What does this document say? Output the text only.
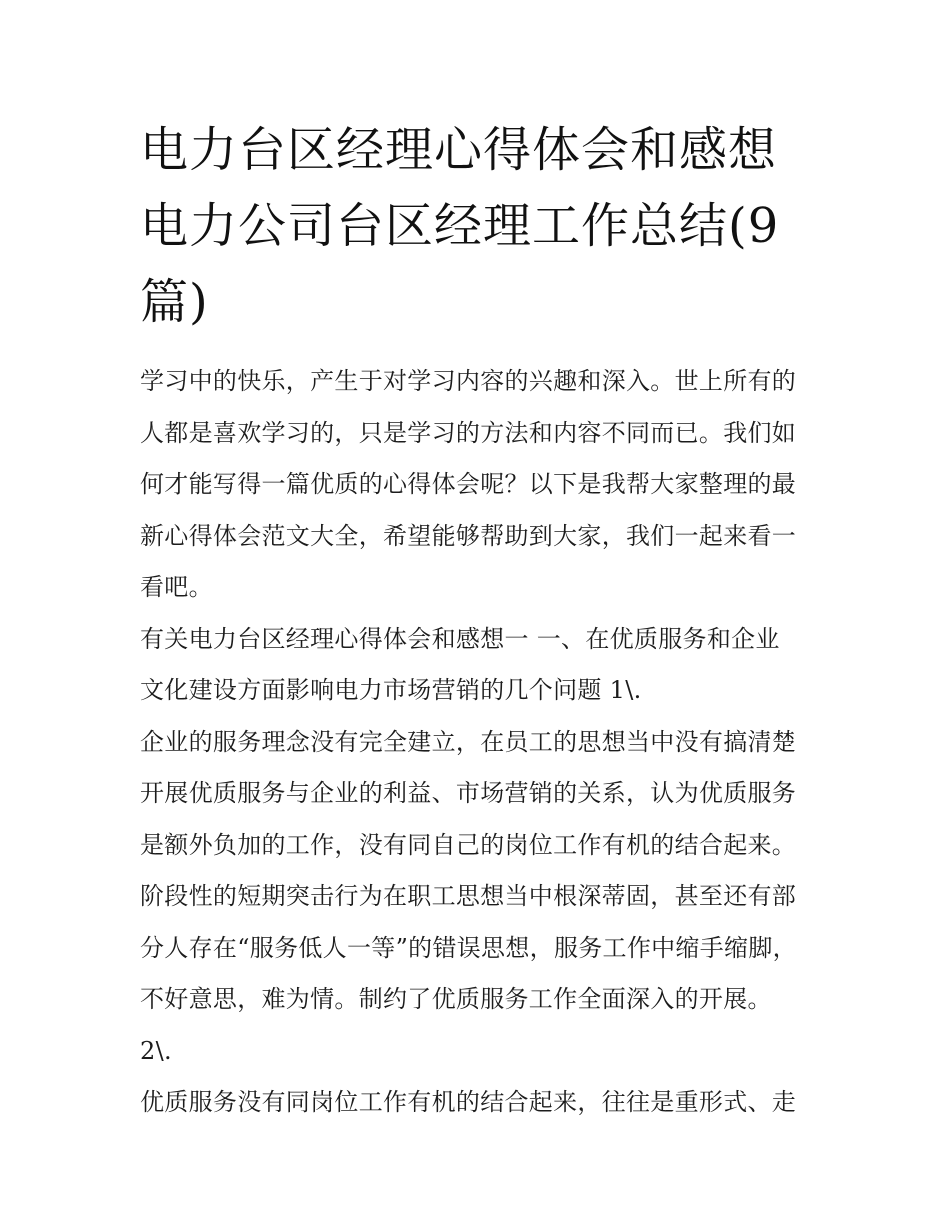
电力台区经理心得体会和感想
电力公司台区经理工作总结(9
篇)

学习中的快乐，产生于对学习内容的兴趣和深入。世上所有的
人都是喜欢学习的，只是学习的方法和内容不同而已。我们如
何才能写得一篇优质的心得体会呢？以下是我帮大家整理的最
新心得体会范文大全，希望能够帮助到大家，我们一起来看一
看吧。

有关电力台区经理心得体会和感想一 一、在优质服务和企业
文化建设方面影响电力市场营销的几个问题 1\.

企业的服务理念没有完全建立，在员工的思想当中没有搞清楚
开展优质服务与企业的利益、市场营销的关系，认为优质服务
是额外负加的工作，没有同自己的岗位工作有机的结合起来。
阶段性的短期突击行为在职工思想当中根深蒂固，甚至还有部
分人存在“服务低人一等”的错误思想，服务工作中缩手缩脚，
不好意思，难为情。制约了优质服务工作全面深入的开展。
2\.

优质服务没有同岗位工作有机的结合起来，往往是重形式、走
